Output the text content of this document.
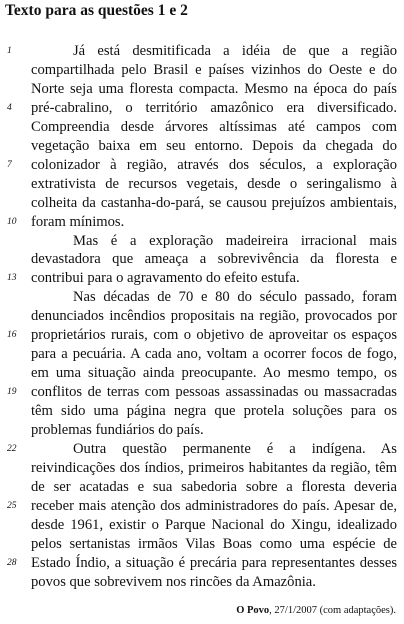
Texto para as questões 1 e 2
Já está desmitificada a idéia de que a região
compartilhada pelo Brasil e países vizinhos do Oeste e do
Norte seja uma floresta compacta. Mesmo na época do país
pré-cabralino, o território amazônico era diversificado.
Compreendia desde árvores altíssimas até campos com
vegetação baixa em seu entorno. Depois da chegada do
colonizador à região, através dos séculos, a exploração
extrativista de recursos vegetais, desde o seringalismo à
colheita da castanha-do-pará, se causou prejuízos ambientais,
foram mínimos.
Mas é a exploração madeireira irracional mais
devastadora que ameaça a sobrevivência da floresta e
contribui para o agravamento do efeito estufa.
Nas décadas de 70 e 80 do século passado, foram
denunciados incêndios propositais na região, provocados por
proprietários rurais, com o objetivo de aproveitar os espaços
para a pecuária. A cada ano, voltam a ocorrer focos de fogo,
em uma situação ainda preocupante. Ao mesmo tempo, os
conflitos de terras com pessoas assassinadas ou massacradas
têm sido uma página negra que protela soluções para os
problemas fundiários do país.
Outra questão permanente é a indígena. As
reivindicações dos índios, primeiros habitantes da região, têm
de ser acatadas e sua sabedoria sobre a floresta deveria
receber mais atenção dos administradores do país. Apesar de,
desde 1961, existir o Parque Nacional do Xingu, idealizado
pelos sertanistas irmãos Vilas Boas como uma espécie de
Estado Índio, a situação é precária para representantes desses
povos que sobrevivem nos rincões da Amazônia.
1
4
7
10
13
16
19
22
25
28
O Povo, 27/1/2007 (com adaptações).
